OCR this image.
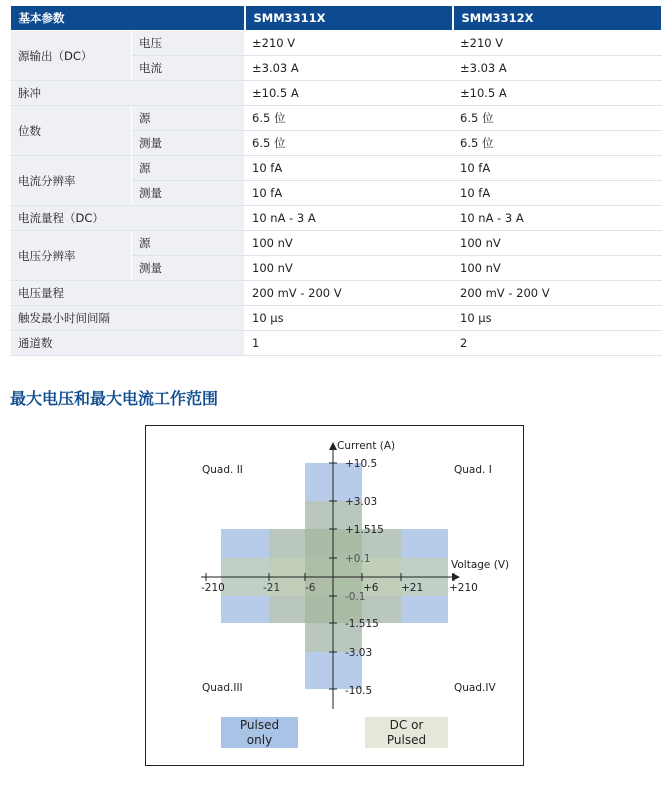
基本参数		SMM3311X	SMM3312X
源输出（DC）	电压	±210 V	±210 V
	电流	±3.03 A	±3.03 A
脉冲		±10.5 A	±10.5 A
位数	源	6.5 位	6.5 位
	测量	6.5 位	6.5 位
电流分辨率	源	10 fA	10 fA
	测量	10 fA	10 fA
电流量程（DC）		10 nA - 3 A	10 nA - 3 A
电压分辨率	源	100 nV	100 nV
	测量	100 nV	100 nV
电压量程		200 mV - 200 V	200 mV - 200 V
触发最小时间间隔		10 μs	10 μs
通道数		1	2
最大电压和最大电流工作范围
Current (A)
Voltage (V)
-210	-21 -6	+6 +21 +210
+10.5
+3.03
+1.515
+0.1
-0.1
-1.515
-3.03
-10.5
Quad. II	Quad. I
Quad.III	Quad.IV
Pulsed
only
DC or
Pulsed
